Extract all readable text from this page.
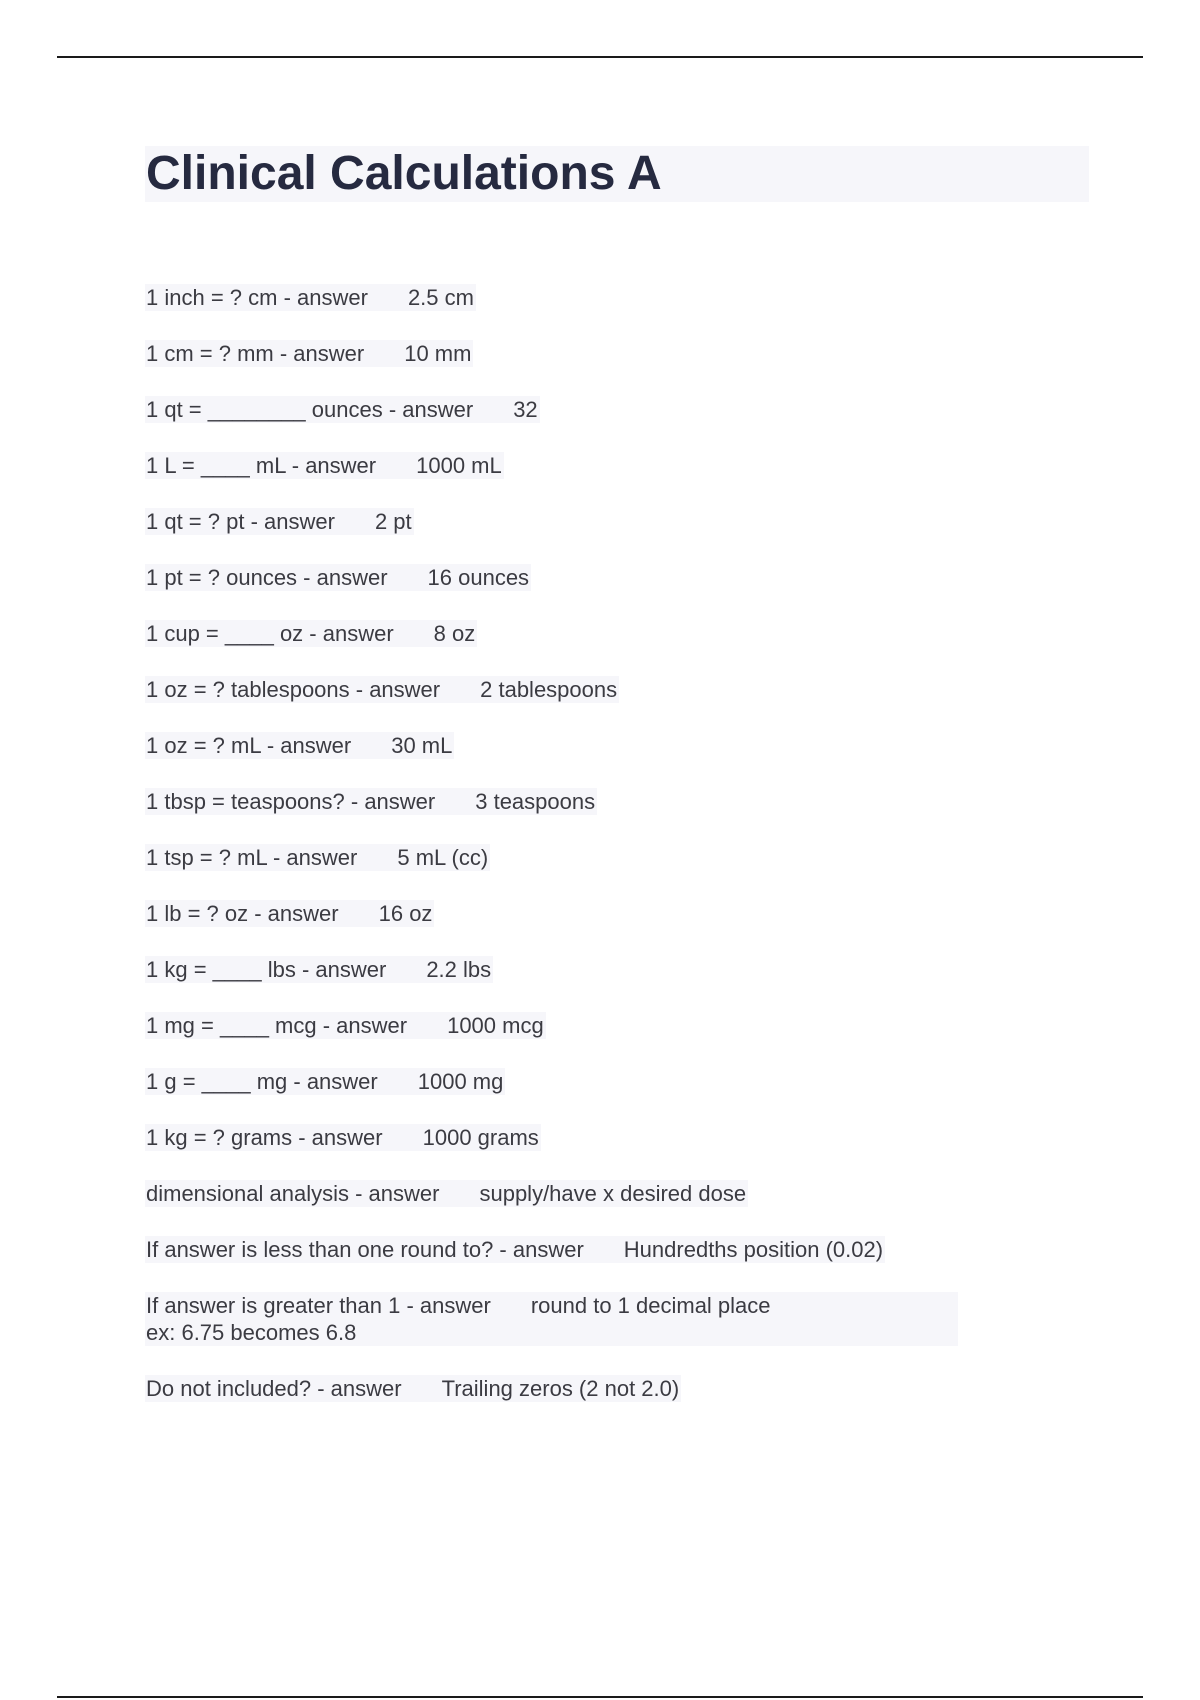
Clinical Calculations A
1 inch = ? cm - answer 2.5 cm
1 cm = ? mm - answer 10 mm
1 qt = ________ ounces - answer 32
1 L = ____ mL - answer 1000 mL
1 qt = ? pt - answer 2 pt
1 pt = ? ounces - answer 16 ounces
1 cup = ____ oz - answer 8 oz
1 oz = ? tablespoons - answer 2 tablespoons
1 oz = ? mL - answer 30 mL
1 tbsp = teaspoons? - answer 3 teaspoons
1 tsp = ? mL - answer 5 mL (cc)
1 lb = ? oz - answer 16 oz
1 kg = ____ lbs - answer 2.2 lbs
1 mg = ____ mcg - answer 1000 mcg
1 g = ____ mg - answer 1000 mg
1 kg = ? grams - answer 1000 grams
dimensional analysis - answer supply/have x desired dose
If answer is less than one round to? - answer Hundredths position (0.02)
If answer is greater than 1 - answer round to 1 decimal place
ex: 6.75 becomes 6.8
Do not included? - answer Trailing zeros (2 not 2.0)
